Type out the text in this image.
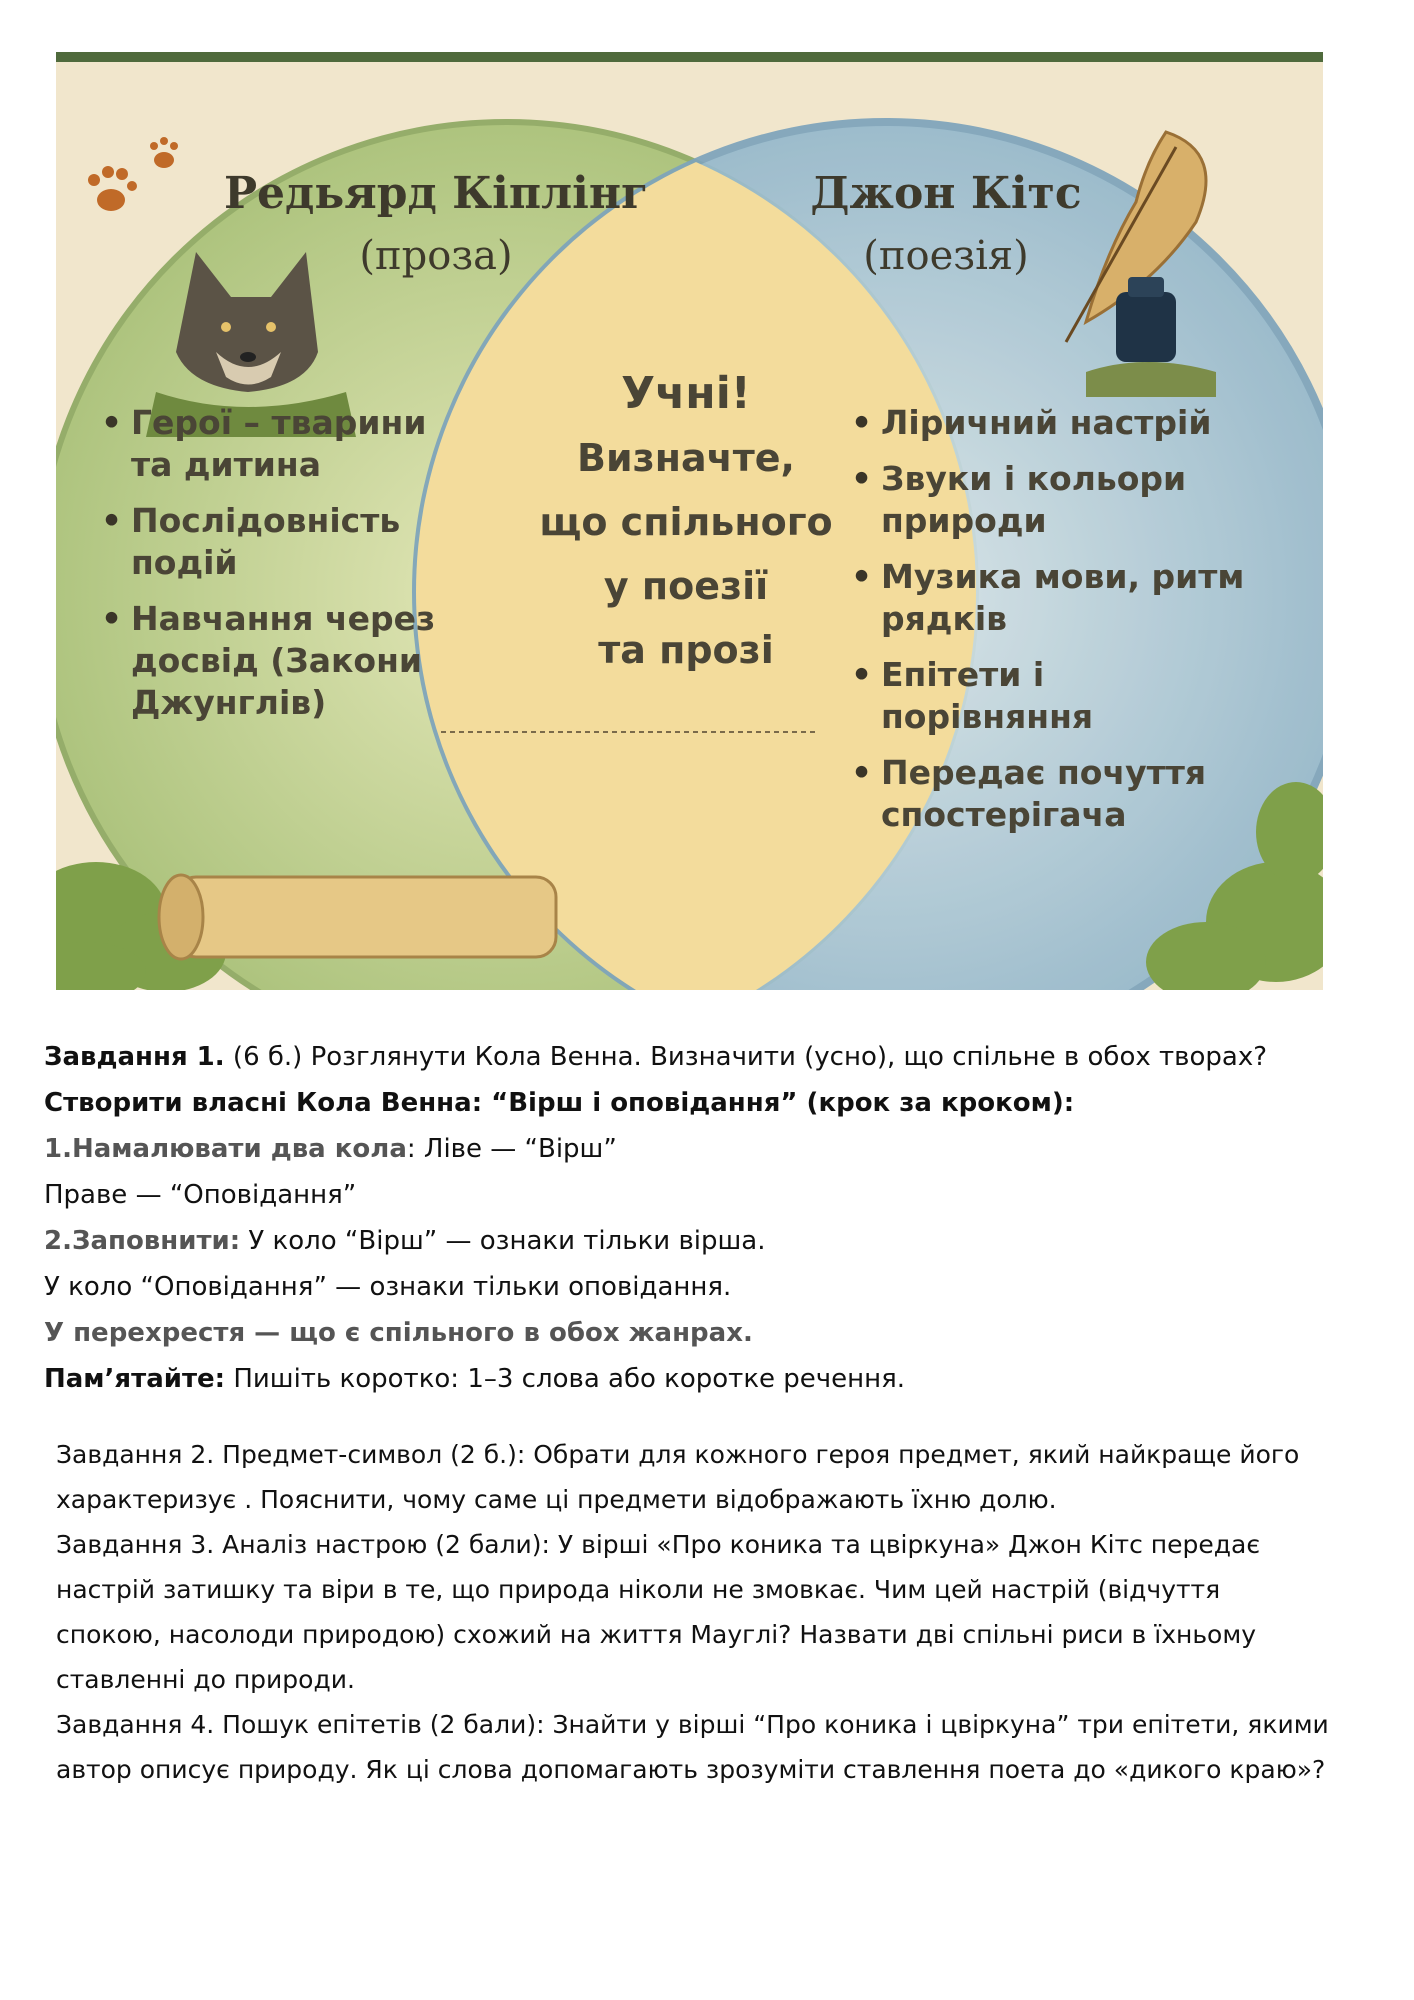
Редьярд Кіплінг
(проза)
• Герої – тварини та дитина
• Послідовність подій
• Навчання через досвід (Закони Джунглів)
Джон Кітс
(поезія)
• Ліричний настрій
• Звуки і кольори природи
• Музика мови, ритм рядків
• Епітети і порівняння
• Передає почуття спостерігача
Учні!
Визначте,
що спільного
у поезії
та прозі

Завдання 1. (6 б.) Розглянути Кола Венна. Визначити (усно), що спільне в обох творах?

Створити власні Кола Венна: “Вірш і оповідання” (крок за кроком):

1.Намалювати два кола: Ліве — “Вірш”

Праве — “Оповідання”

2.Заповнити: У коло “Вірш” — ознаки тільки вірша.

У коло “Оповідання” — ознаки тільки оповідання.

У перехрестя — що є спільного в обох жанрах.

Пам’ятайте: Пишіть коротко: 1–3 слова або коротке речення.

Завдання 2. Предмет-символ (2 б.): Обрати для кожного героя предмет, який найкраще його

характеризує . Пояснити, чому саме ці предмети відображають їхню долю.

Завдання 3. Аналіз настрою (2 бали): У вірші «Про коника та цвіркуна» Джон Кітс передає

настрій затишку та віри в те, що природа ніколи не змовкає. Чим цей настрій (відчуття

спокою, насолоди природою) схожий на життя Мауглі? Назвати дві спільні риси в їхньому

ставленні до природи.

Завдання 4. Пошук епітетів (2 бали): Знайти у вірші “Про коника і цвіркуна” три епітети, якими

автор описує природу. Як ці слова допомагають зрозуміти ставлення поета до «дикого краю»?
